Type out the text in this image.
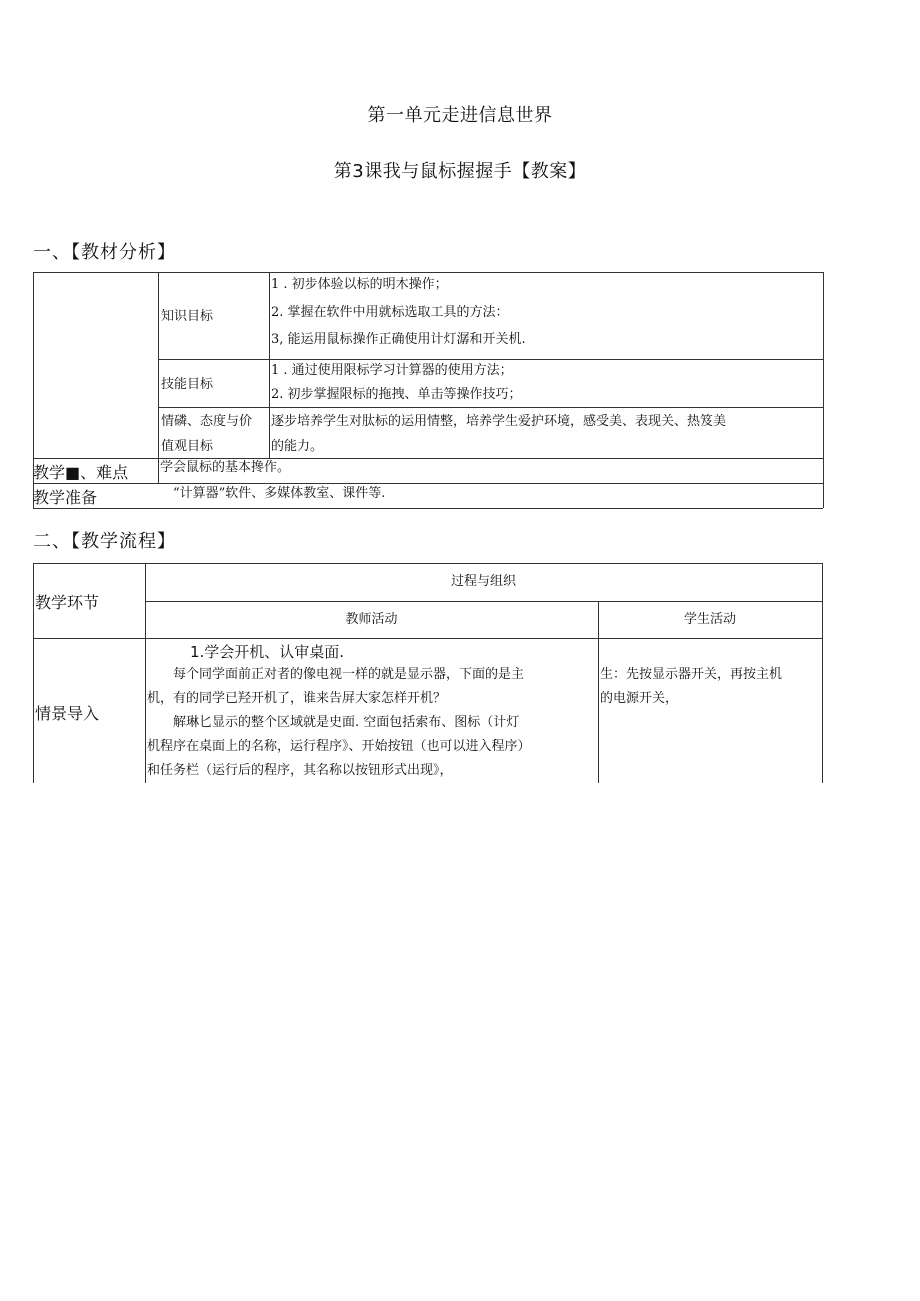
第一单元走进信息世界
第3课我与鼠标握握手【教案】
一、【教材分析】
知识目标
1 . 初步体验以标的明木操作；
2. 掌握在软件中用就标选取工具的方法：
3, 能运用鼠标操作正确使用计灯潺和开关机.
技能目标
1 . 通过使用限标学习计算器的使用方法；
2. 初步掌握限标的拖拽、单击等操作技巧；
情磷、态度与价
值观目标
逐步培养学生对肽标的运用情整，培养学生爱护环境，感受美、表现关、热笈美
的能力。
教学■、难点 学会鼠标的基本搀作。
教学准备	“计算器”软件、多媒体教室、课件等.
二、【教学流程】
教学环节
过程与组织
教师活动	学生活动
情景导入
1.学会开机、认审桌面.
每个同学面前正对者的像电视一样的就是显示器，下面的是主
机，有的同学已羟开机了，谁来告屏大家怎样开机？
解琳匕显示的整个区域就是史面. 空面包括索布、图标（计灯
机程序在桌面上的名称，运行程序》、开始按钮（也可以进入程序）
和任务栏（运行后的程序，其名称以按钮形式出现》，
生：先按显示器开关，再按主机
的电源开关，
